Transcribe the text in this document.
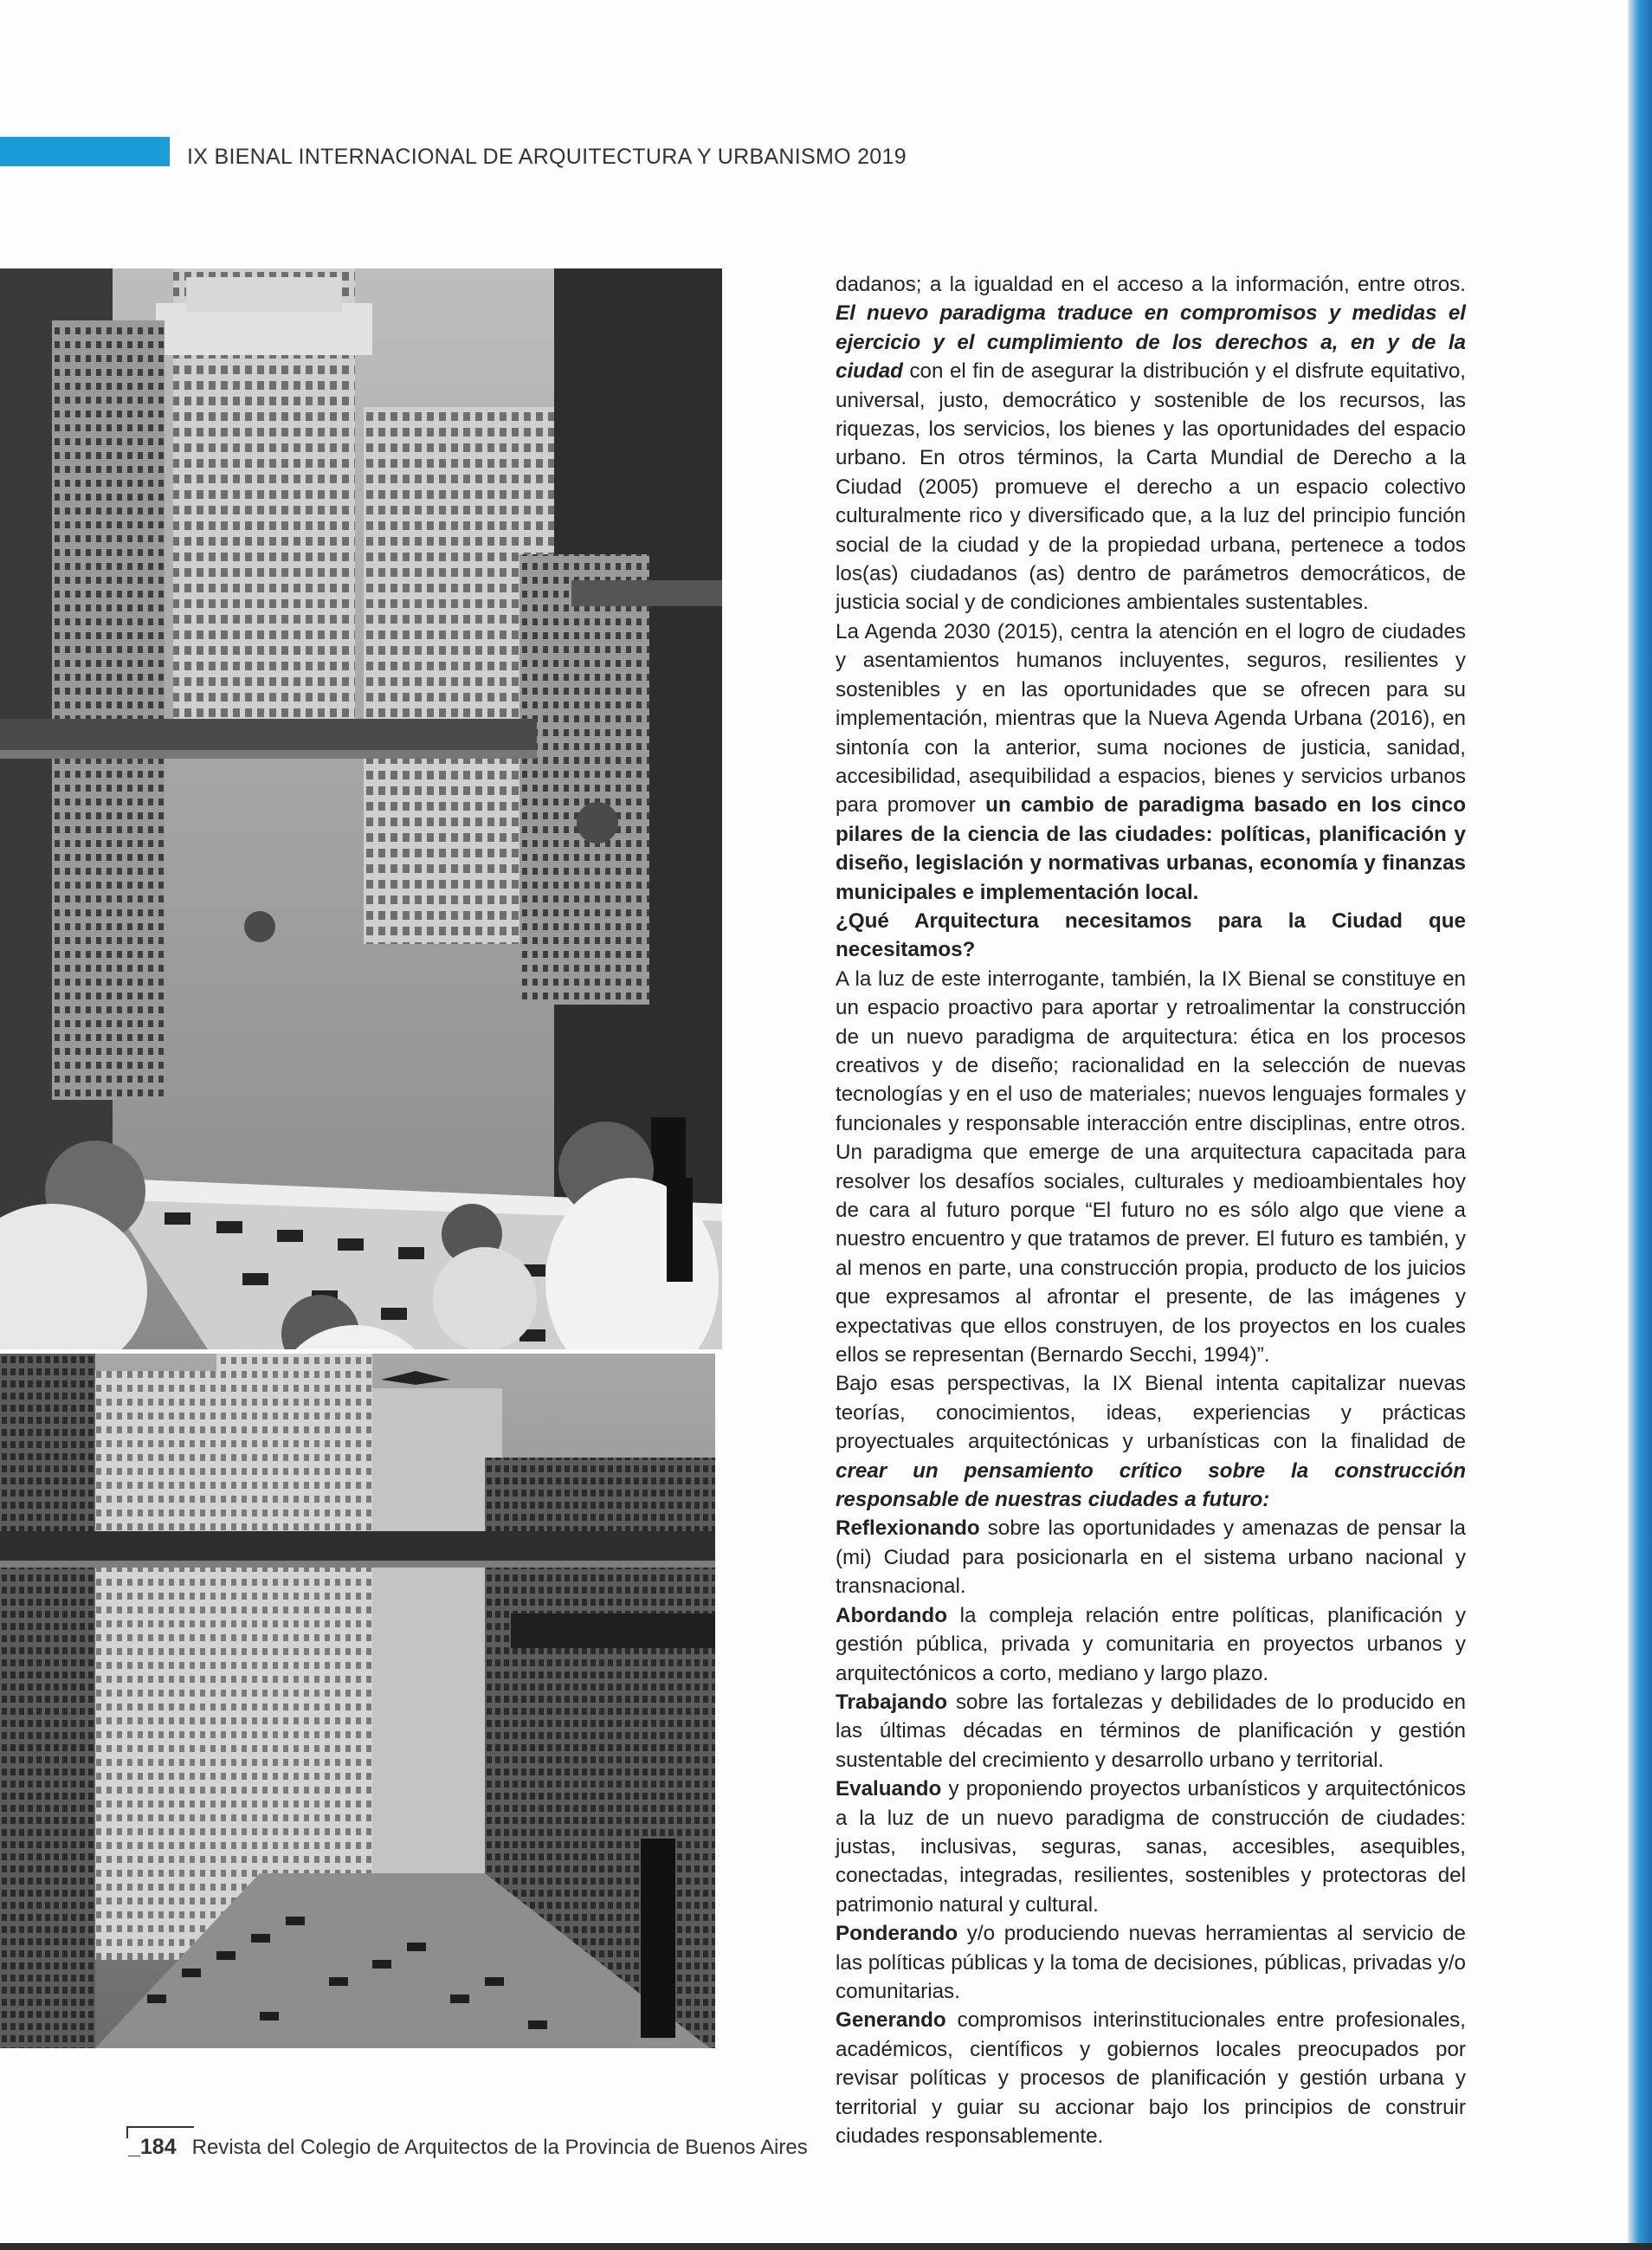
IX BIENAL INTERNACIONAL DE ARQUITECTURA Y URBANISMO 2019

dadanos; a la igualdad en el acceso a la información, entre otros. El nuevo paradigma traduce en compromisos y medidas el ejercicio y el cumplimiento de los derechos a, en y de la ciudad con el fin de asegurar la distribución y el disfrute equitativo, universal, justo, democrático y sostenible de los recursos, las riquezas, los servicios, los bienes y las oportunidades del espacio urbano. En otros términos, la Carta Mundial de Derecho a la Ciudad (2005) promueve el derecho a un espacio colectivo culturalmente rico y diversificado que, a la luz del principio función social de la ciudad y de la propiedad urbana, pertenece a todos los(as) ciudadanos (as) dentro de parámetros democráticos, de justicia social y de condiciones ambientales sustentables.

La Agenda 2030 (2015), centra la atención en el logro de ciudades y asentamientos humanos incluyentes, seguros, resilientes y sostenibles y en las oportunidades que se ofrecen para su implementación, mientras que la Nueva Agenda Urbana (2016), en sintonía con la anterior, suma nociones de justicia, sanidad, accesibilidad, asequibilidad a espacios, bienes y servicios urbanos para promover un cambio de paradigma basado en los cinco pilares de la ciencia de las ciudades: políticas, planificación y diseño, legislación y normativas urbanas, economía y finanzas municipales e implementación local.

¿Qué Arquitectura necesitamos para la Ciudad que necesitamos?

A la luz de este interrogante, también, la IX Bienal se constituye en un espacio proactivo para aportar y retroalimentar la construcción de un nuevo paradigma de arquitectura: ética en los procesos creativos y de diseño; racionalidad en la selección de nuevas tecnologías y en el uso de materiales; nuevos lenguajes formales y funcionales y responsable interacción entre disciplinas, entre otros. Un paradigma que emerge de una arquitectura capacitada para resolver los desafíos sociales, culturales y medioambientales hoy de cara al futuro porque “El futuro no es sólo algo que viene a nuestro encuentro y que tratamos de prever. El futuro es también, y al menos en parte, una construcción propia, producto de los juicios que expresamos al afrontar el presente, de las imágenes y expectativas que ellos construyen, de los proyectos en los cuales ellos se representan (Bernardo Secchi, 1994)”.

Bajo esas perspectivas, la IX Bienal intenta capitalizar nuevas teorías, conocimientos, ideas, experiencias y prácticas proyectuales arquitectónicas y urbanísticas con la finalidad de crear un pensamiento crítico sobre la construcción responsable de nuestras ciudades a futuro:

Reflexionando sobre las oportunidades y amenazas de pensar la (mi) Ciudad para posicionarla en el sistema urbano nacional y transnacional.

Abordando la compleja relación entre políticas, planificación y gestión pública, privada y comunitaria en proyectos urbanos y arquitectónicos a corto, mediano y largo plazo.

Trabajando sobre las fortalezas y debilidades de lo producido en las últimas décadas en términos de planificación y gestión sustentable del crecimiento y desarrollo urbano y territorial.

Evaluando y proponiendo proyectos urbanísticos y arquitectónicos a la luz de un nuevo paradigma de construcción de ciudades: justas, inclusivas, seguras, sanas, accesibles, asequibles, conectadas, integradas, resilientes, sostenibles y protectoras del patrimonio natural y cultural.

Ponderando y/o produciendo nuevas herramientas al servicio de las políticas públicas y la toma de decisiones, públicas, privadas y/o comunitarias.

Generando compromisos interinstitucionales entre profesionales, académicos, científicos y gobiernos locales preocupados por revisar políticas y procesos de planificación y gestión urbana y territorial y guiar su accionar bajo los principios de construir ciudades responsablemente.

_184 Revista del Colegio de Arquitectos de la Provincia de Buenos Aires
